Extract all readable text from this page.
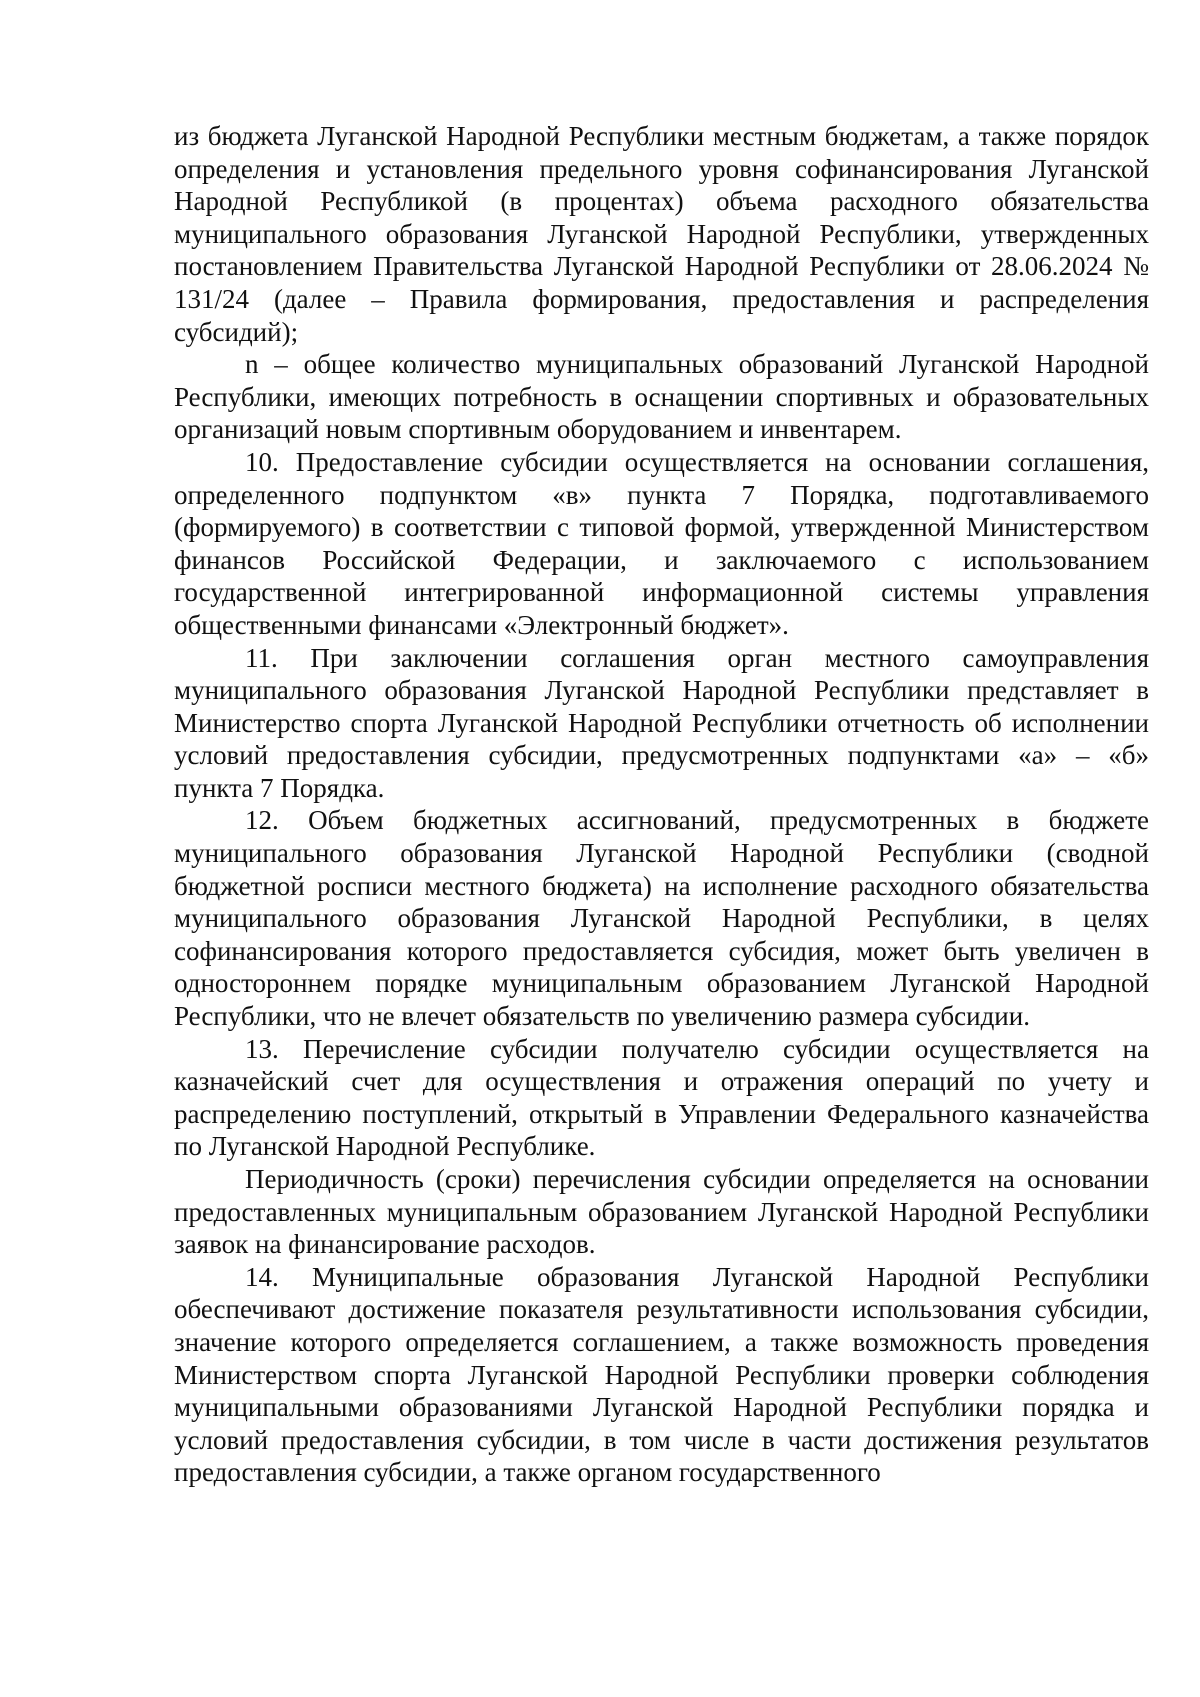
из бюджета Луганской Народной Республики местным бюджетам, а также порядок определения и установления предельного уровня софинансирования Луганской Народной Республикой (в процентах) объема расходного обязательства муниципального образования Луганской Народной Республики, утвержденных постановлением Правительства Луганской Народной Республики от 28.06.2024 № 131/24 (далее – Правила формирования, предоставления и распределения субсидий);

n – общее количество муниципальных образований Луганской Народной Республики, имеющих потребность в оснащении спортивных и образовательных организаций новым спортивным оборудованием и инвентарем.

10. Предоставление субсидии осуществляется на основании соглашения, определенного подпунктом «в» пункта 7 Порядка, подготавливаемого (формируемого) в соответствии с типовой формой, утвержденной Министерством финансов Российской Федерации, и заключаемого с использованием государственной интегрированной информационной системы управления общественными финансами «Электронный бюджет».

11. При заключении соглашения орган местного самоуправления муниципального образования Луганской Народной Республики представляет в Министерство спорта Луганской Народной Республики отчетность об исполнении условий предоставления субсидии, предусмотренных подпунктами «а» – «б» пункта 7 Порядка.

12. Объем бюджетных ассигнований, предусмотренных в бюджете муниципального образования Луганской Народной Республики (сводной бюджетной росписи местного бюджета) на исполнение расходного обязательства муниципального образования Луганской Народной Республики, в целях софинансирования которого предоставляется субсидия, может быть увеличен в одностороннем порядке муниципальным образованием Луганской Народной Республики, что не влечет обязательств по увеличению размера субсидии.

13. Перечисление субсидии получателю субсидии осуществляется на казначейский счет для осуществления и отражения операций по учету и распределению поступлений, открытый в Управлении Федерального казначейства по Луганской Народной Республике.

Периодичность (сроки) перечисления субсидии определяется на основании предоставленных муниципальным образованием Луганской Народной Республики заявок на финансирование расходов.

14. Муниципальные образования Луганской Народной Республики обеспечивают достижение показателя результативности использования субсидии, значение которого определяется соглашением, а также возможность проведения Министерством спорта Луганской Народной Республики проверки соблюдения муниципальными образованиями Луганской Народной Республики порядка и условий предоставления субсидии, в том числе в части достижения результатов предоставления субсидии, а также органом государственного
